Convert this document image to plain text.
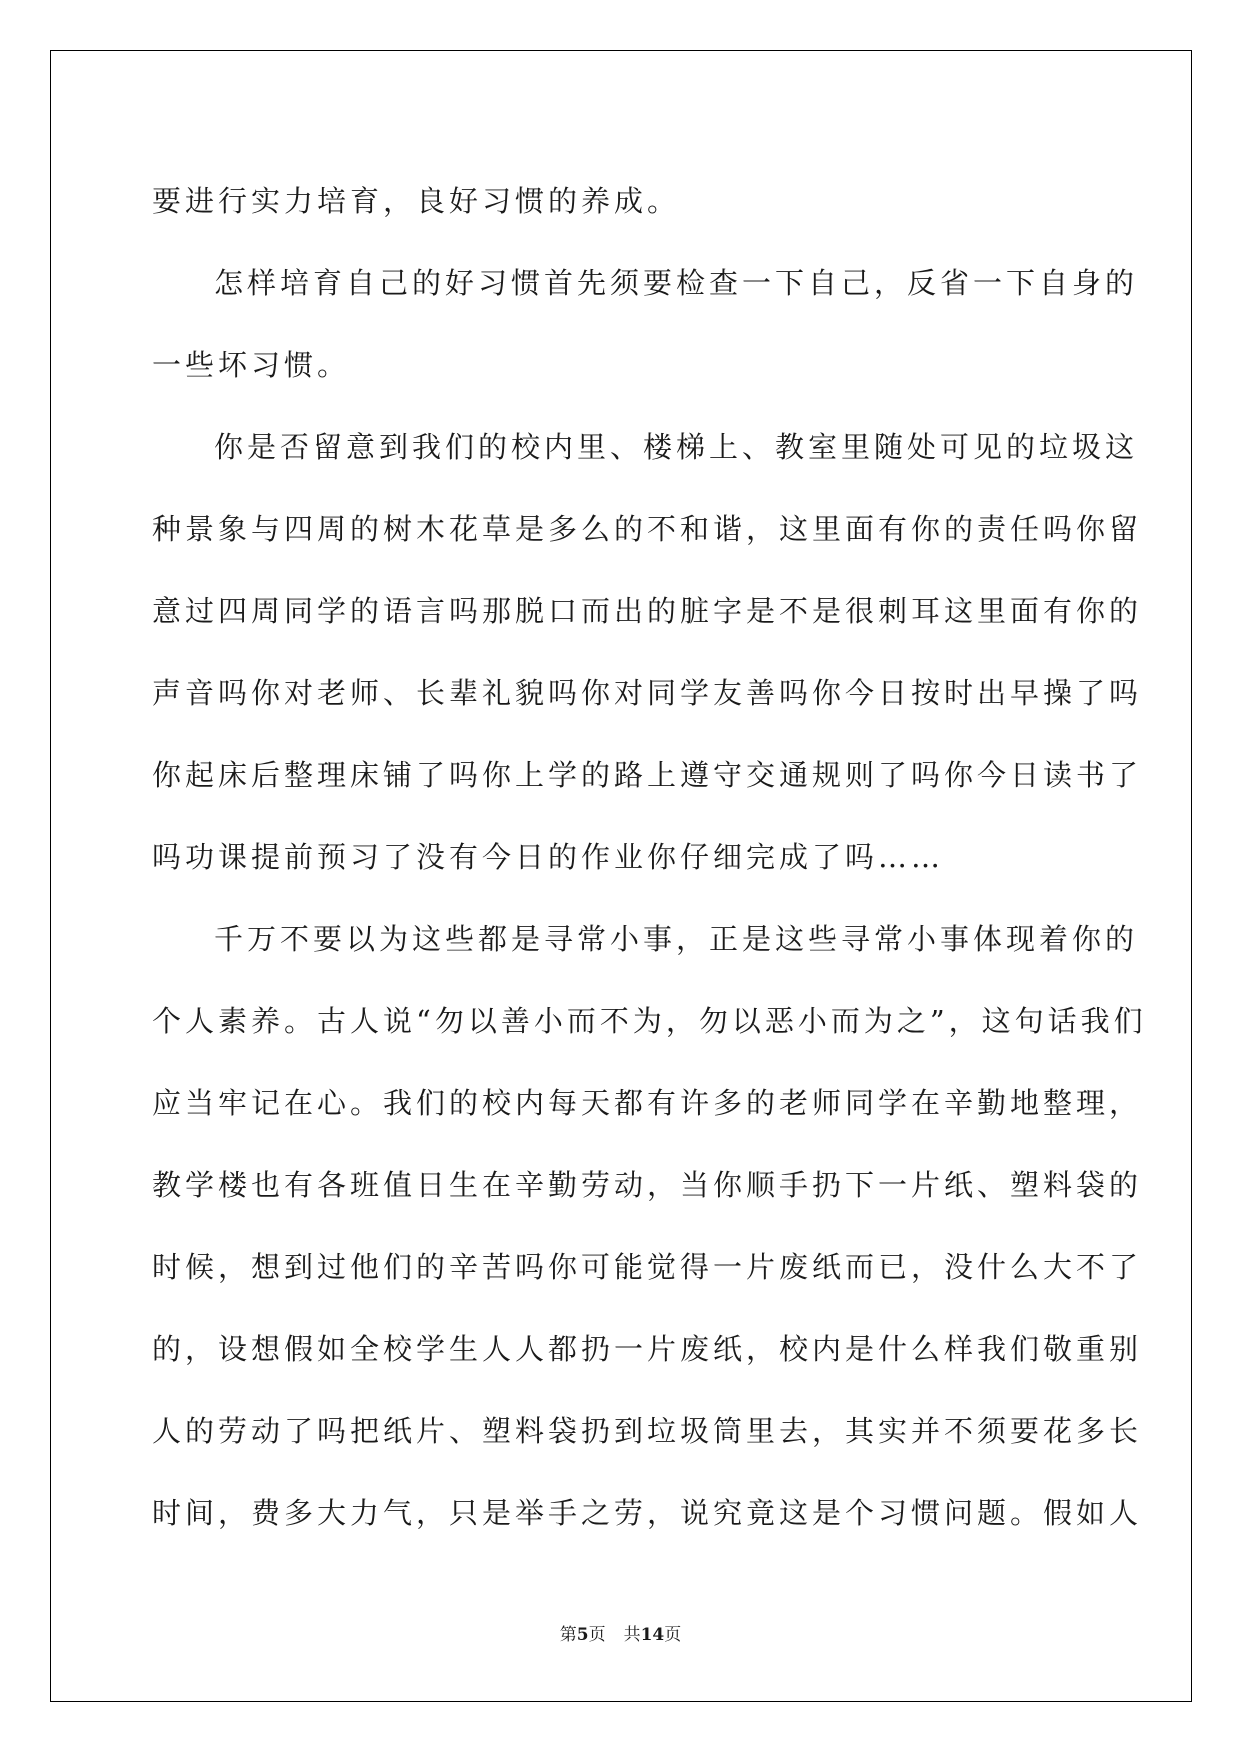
要进行实力培育，良好习惯的养成。
怎样培育自己的好习惯首先须要检查一下自己，反省一下自身的
一些坏习惯。
你是否留意到我们的校内里、楼梯上、教室里随处可见的垃圾这
种景象与四周的树木花草是多么的不和谐，这里面有你的责任吗你留
意过四周同学的语言吗那脱口而出的脏字是不是很刺耳这里面有你的
声音吗你对老师、长辈礼貌吗你对同学友善吗你今日按时出早操了吗
你起床后整理床铺了吗你上学的路上遵守交通规则了吗你今日读书了
吗功课提前预习了没有今日的作业你仔细完成了吗……
千万不要以为这些都是寻常小事，正是这些寻常小事体现着你的
个人素养。古人说“勿以善小而不为，勿以恶小而为之”，这句话我们
应当牢记在心。我们的校内每天都有许多的老师同学在辛勤地整理，
教学楼也有各班值日生在辛勤劳动，当你顺手扔下一片纸、塑料袋的
时候，想到过他们的辛苦吗你可能觉得一片废纸而已，没什么大不了
的，设想假如全校学生人人都扔一片废纸，校内是什么样我们敬重别
人的劳动了吗把纸片、塑料袋扔到垃圾筒里去，其实并不须要花多长
时间，费多大力气，只是举手之劳，说究竟这是个习惯问题。假如人
第5页 共14页
